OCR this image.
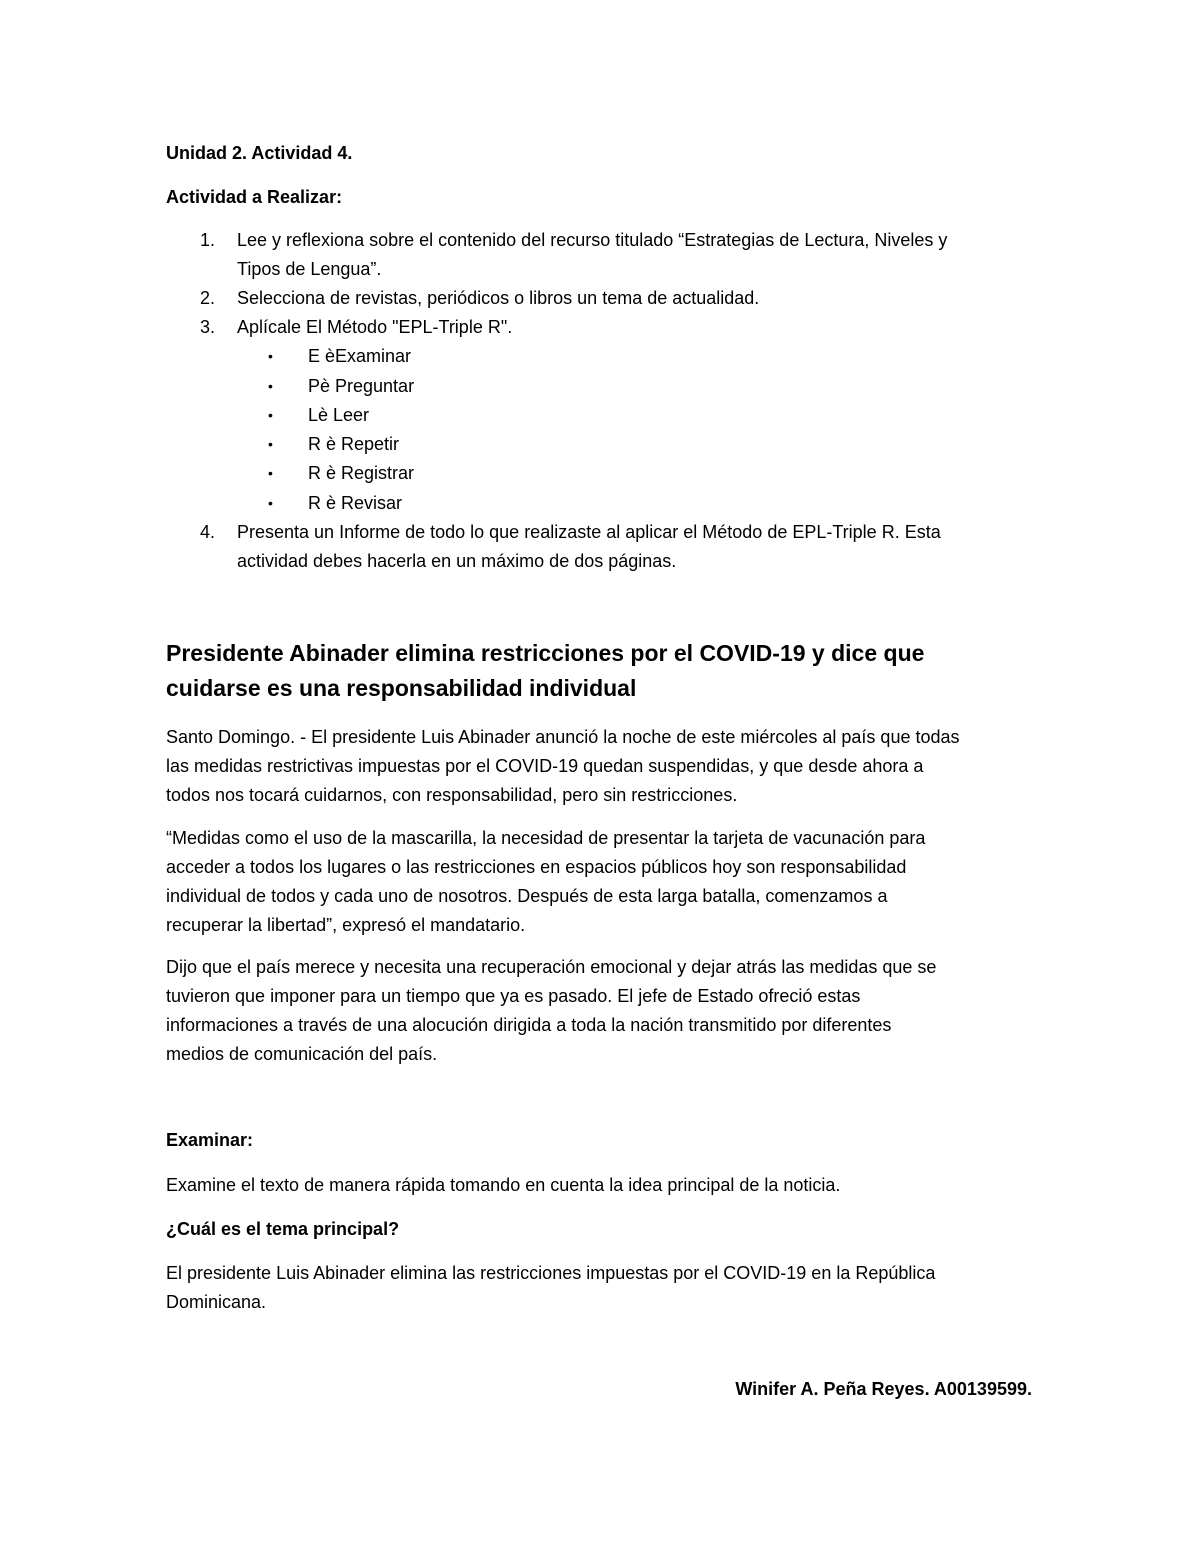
Unidad 2. Actividad 4.

Actividad a Realizar:

1. Lee y reflexiona sobre el contenido del recurso titulado “Estrategias de Lectura, Niveles y
Tipos de Lengua”.
2. Selecciona de revistas, periódicos o libros un tema de actualidad.
3. Aplícale El Método "EPL-Triple R".
• E èExaminar
• Pè Preguntar
• Lè Leer
• R è Repetir
• R è Registrar
• R è Revisar
4. Presenta un Informe de todo lo que realizaste al aplicar el Método de EPL-Triple R. Esta
actividad debes hacerla en un máximo de dos páginas.
Presidente Abinader elimina restricciones por el COVID-19 y dice que
cuidarse es una responsabilidad individual
Santo Domingo. - El presidente Luis Abinader anunció la noche de este miércoles al país que todas
las medidas restrictivas impuestas por el COVID-19 quedan suspendidas, y que desde ahora a
todos nos tocará cuidarnos, con responsabilidad, pero sin restricciones.
“Medidas como el uso de la mascarilla, la necesidad de presentar la tarjeta de vacunación para
acceder a todos los lugares o las restricciones en espacios públicos hoy son responsabilidad
individual de todos y cada uno de nosotros. Después de esta larga batalla, comenzamos a
recuperar la libertad”, expresó el mandatario.
Dijo que el país merece y necesita una recuperación emocional y dejar atrás las medidas que se
tuvieron que imponer para un tiempo que ya es pasado. El jefe de Estado ofreció estas
informaciones a través de una alocución dirigida a toda la nación transmitido por diferentes
medios de comunicación del país.
Examinar:
Examine el texto de manera rápida tomando en cuenta la idea principal de la noticia.
¿Cuál es el tema principal?
El presidente Luis Abinader elimina las restricciones impuestas por el COVID-19 en la República
Dominicana.
Winifer A. Peña Reyes. A00139599.
